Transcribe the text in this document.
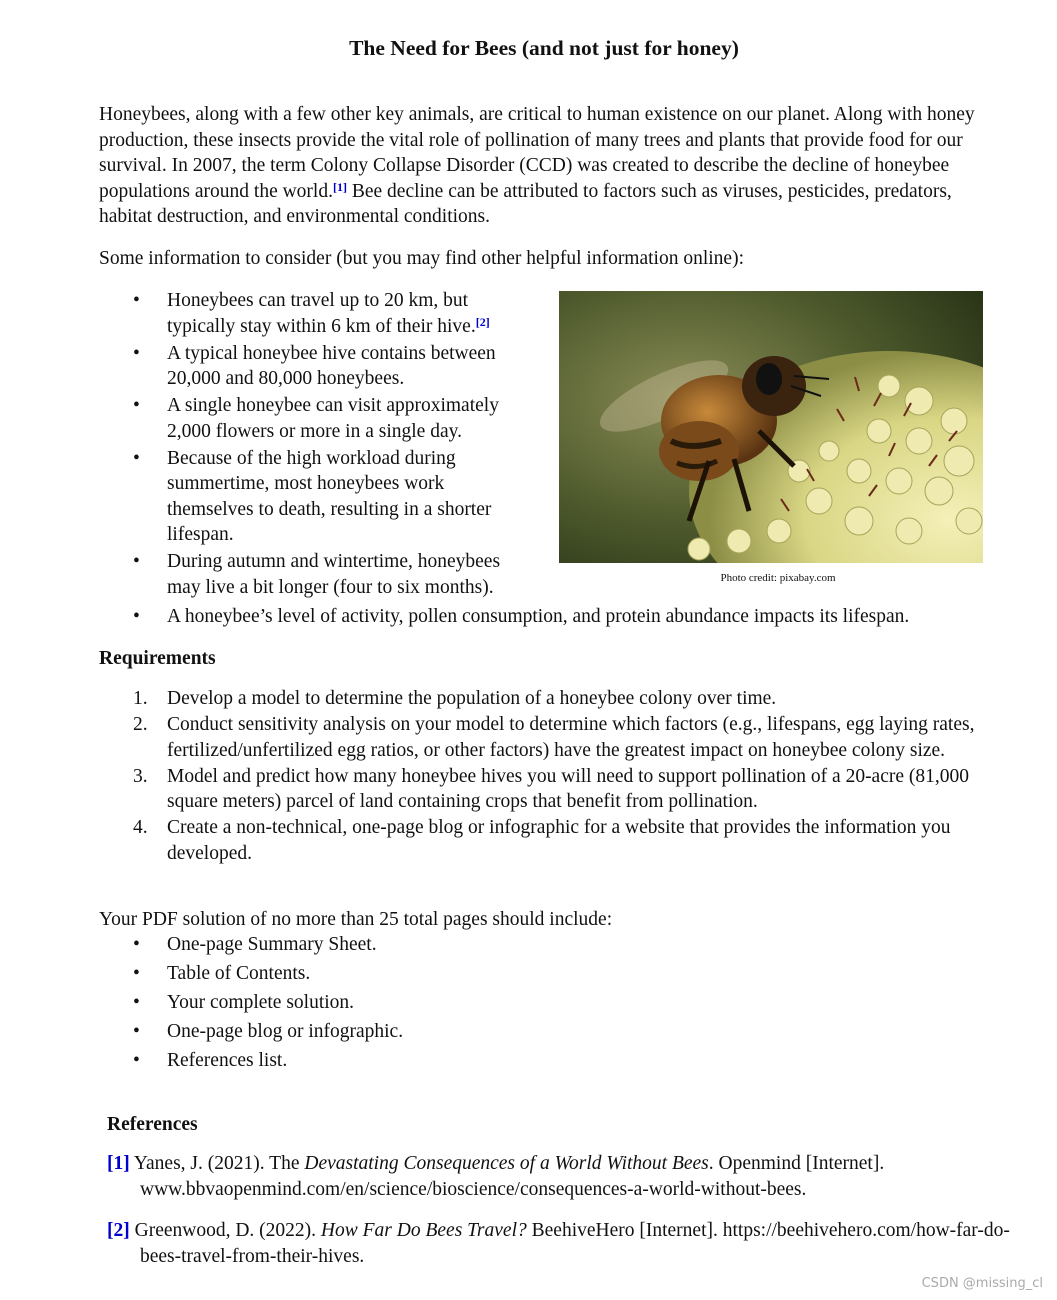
The Need for Bees (and not just for honey)

Honeybees, along with a few other key animals, are critical to human existence on our planet. Along with honey production, these insects provide the vital role of pollination of many trees and plants that provide food for our survival. In 2007, the term Colony Collapse Disorder (CCD) was created to describe the decline of honeybee populations around the world.[1] Bee decline can be attributed to factors such as viruses, pesticides, predators, habitat destruction, and environmental conditions.

Some information to consider (but you may find other helpful information online):

• Honeybees can travel up to 20 km, but typically stay within 6 km of their hive.[2]
• A typical honeybee hive contains between 20,000 and 80,000 honeybees.
• A single honeybee can visit approximately 2,000 flowers or more in a single day.
• Because of the high workload during summertime, most honeybees work themselves to death, resulting in a shorter lifespan.
• During autumn and wintertime, honeybees may live a bit longer (four to six months).
• A honeybee’s level of activity, pollen consumption, and protein abundance impacts its lifespan.
Photo credit: pixabay.com
Requirements
1. Develop a model to determine the population of a honeybee colony over time.
2. Conduct sensitivity analysis on your model to determine which factors (e.g., lifespans, egg laying rates, fertilized/unfertilized egg ratios, or other factors) have the greatest impact on honeybee colony size.
3. Model and predict how many honeybee hives you will need to support pollination of a 20-acre (81,000 square meters) parcel of land containing crops that benefit from pollination.
4. Create a non-technical, one-page blog or infographic for a website that provides the information you developed.
Your PDF solution of no more than 25 total pages should include:
• One-page Summary Sheet.
• Table of Contents.
• Your complete solution.
• One-page blog or infographic.
• References list.
References
[1] Yanes, J. (2021). The Devastating Consequences of a World Without Bees. Openmind [Internet]. www.bbvaopenmind.com/en/science/bioscience/consequences-a-world-without-bees.
[2] Greenwood, D. (2022). How Far Do Bees Travel? BeehiveHero [Internet]. https://beehivehero.com/how-far-do-bees-travel-from-their-hives.
CSDN @missing_cl
